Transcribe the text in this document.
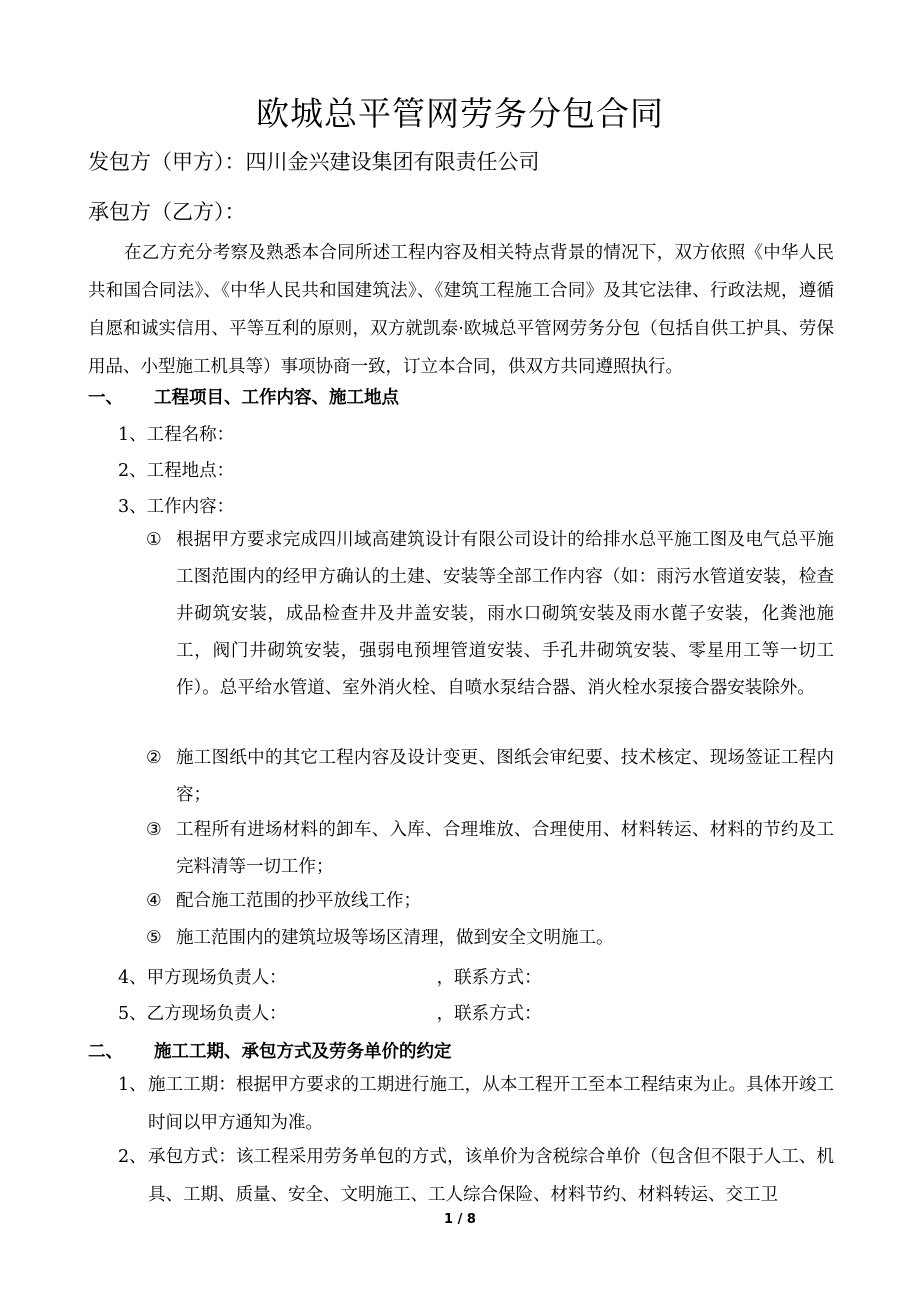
欧城总平管网劳务分包合同
发包方（甲方）：四川金兴建设集团有限责任公司
承包方（乙方）：
在乙方充分考察及熟悉本合同所述工程内容及相关特点背景的情况下，双方依照《中华人民共和国合同法》、《中华人民共和国建筑法》、《建筑工程施工合同》及其它法律、行政法规，遵循自愿和诚实信用、平等互利的原则，双方就凯泰·欧城总平管网劳务分包（包括自供工护具、劳保用品、小型施工机具等）事项协商一致，订立本合同，供双方共同遵照执行。
一、 工程项目、工作内容、施工地点
1、工程名称：
2、工程地点：
3、工作内容：
① 根据甲方要求完成四川域高建筑设计有限公司设计的给排水总平施工图及电气总平施工图范围内的经甲方确认的土建、安装等全部工作内容（如：雨污水管道安装，检查井砌筑安装，成品检查井及井盖安装，雨水口砌筑安装及雨水蓖子安装，化粪池施工，阀门井砌筑安装，强弱电预埋管道安装、手孔井砌筑安装、零星用工等一切工作）。总平给水管道、室外消火栓、自喷水泵结合器、消火栓水泵接合器安装除外。
② 施工图纸中的其它工程内容及设计变更、图纸会审纪要、技术核定、现场签证工程内容；
③ 工程所有进场材料的卸车、入库、合理堆放、合理使用、材料转运、材料的节约及工完料清等一切工作；
④ 配合施工范围的抄平放线工作；
⑤ 施工范围内的建筑垃圾等场区清理，做到安全文明施工。
4、甲方现场负责人：	，联系方式：
5、乙方现场负责人：	，联系方式：
二、 施工工期、承包方式及劳务单价的约定
1、 施工工期：根据甲方要求的工期进行施工，从本工程开工至本工程结束为止。具体开竣工时间以甲方通知为准。
2、 承包方式：该工程采用劳务单包的方式，该单价为含税综合单价（包含但不限于人工、机具、工期、质量、安全、文明施工、工人综合保险、材料节约、材料转运、交工卫
1 / 8
